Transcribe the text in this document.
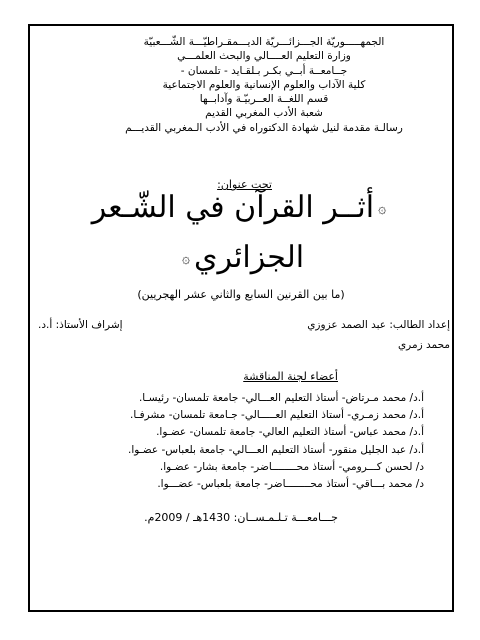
الجمهـــــوريّة الجـــزائـــريّة الديـــمقـراطيّـــة الشّـــعبيّة
وزارة التعليم العــــالي والبحث العلمـــي
جــامعــة أبــي بكـر بـلقـايد - تلمسان -
كلية الآداب والعلوم الإنسانية والعلوم الاجتماعية
قسم اللغــة العــربيّـة وآدابــها
شعبة الأدب المغربي القديم
رسالـة مقدمة لنيل شهادة الدكتوراه في الأدب الـمغربي القديـــم
تحت عنوان:
۞أثــر القرآن في الشّـعر
الجزائري۞
(ما بين القرنين السابع والثاني عشر الهجريين)
إعداد الطالب: عبد الصمد عزوزي
إشراف الأستاذ: أ.د.
محمد زمري
أعضاء لجنة المناقشة
أ.د/ محمد مـرتاض- أستاذ التعليم العـــالي- جامعة تلمسان- رئيسـا.
أ.د/ محمد زمـري- أستاذ التعليم العـــــالي- جـامعة تلمسان- مشرفـا.
أ.د/ محمد عباس- أستاذ التعليم العالي- جامعة تلمسان- عضـوا.
أ.د/ عبد الجليل منقور- أستاذ التعليم العـــالي- جامعة بلعباس- عضـوا.
د/ لحسن كـــرومي- أستاذ محــــــــاضر- جامعة بشار- عضـوا.
د/ محمد بـــاقي- أستاذ محــــــــاضر- جامعة بلعباس- عضـــوا.
جـــامعـــة تـلـمـســان: 1430هـ / 2009م.
